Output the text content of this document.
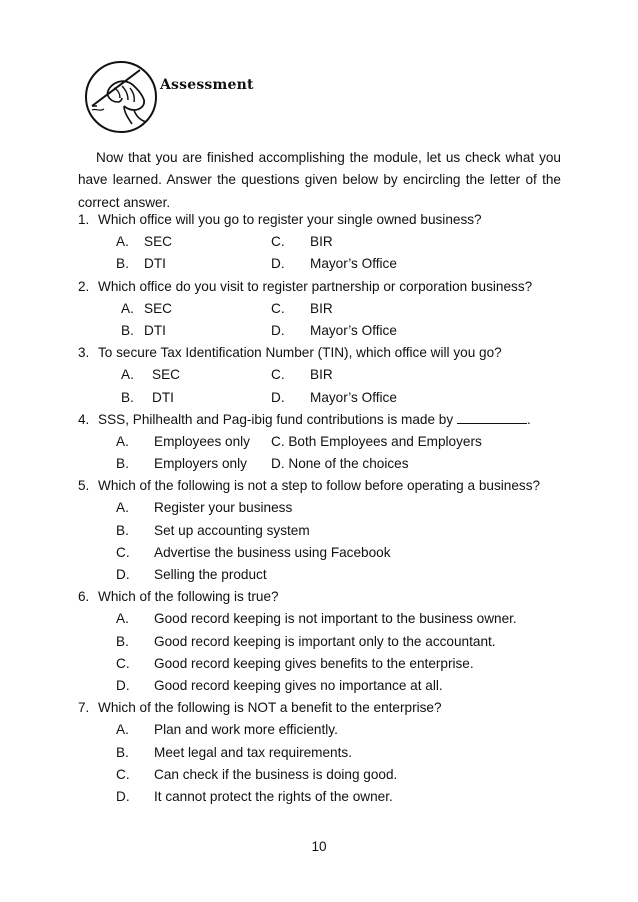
Assessment

Now that you are finished accomplishing the module, let us check what you have learned. Answer the questions given below by encircling the letter of the correct answer.

1. Which office will you go to register your single owned business?
A. SEC	C. BIR
B. DTI	D. Mayor’s Office
2. Which office do you visit to register partnership or corporation business?
A. SEC	C. BIR
B. DTI	D. Mayor’s Office
3. To secure Tax Identification Number (TIN), which office will you go?
A. SEC	C. BIR
B. DTI	D. Mayor’s Office
4. SSS, Philhealth and Pag-ibig fund contributions is made by	.
A. Employees only C. Both Employees and Employers
B. Employers only D. None of the choices
5. Which of the following is not a step to follow before operating a business?
A. Register your business
B. Set up accounting system
C. Advertise the business using Facebook
D. Selling the product
6. Which of the following is true?
A. Good record keeping is not important to the business owner.
B. Good record keeping is important only to the accountant.
C. Good record keeping gives benefits to the enterprise.
D. Good record keeping gives no importance at all.
7. Which of the following is NOT a benefit to the enterprise?
A. Plan and work more efficiently.
B. Meet legal and tax requirements.
C. Can check if the business is doing good.
D. It cannot protect the rights of the owner.
10
